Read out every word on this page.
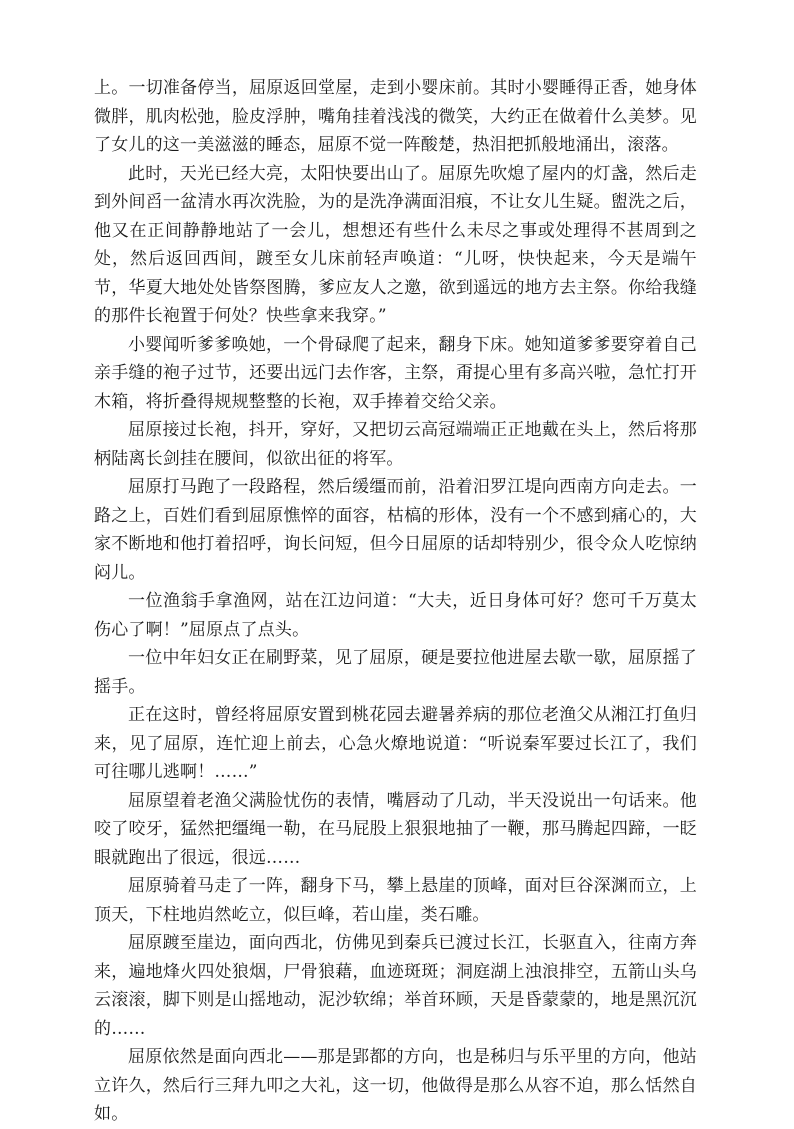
上。一切准备停当，屈原返回堂屋，走到小婴床前。其时小婴睡得正香，她身体微胖，肌肉松弛，脸皮浮肿，嘴角挂着浅浅的微笑，大约正在做着什么美梦。见了女儿的这一美滋滋的睡态，屈原不觉一阵酸楚，热泪把抓般地涌出，滚落。

此时，天光已经大亮，太阳快要出山了。屈原先吹熄了屋内的灯盏，然后走到外间舀一盆清水再次洗脸，为的是洗净满面泪痕，不让女儿生疑。盥洗之后，他又在正间静静地站了一会儿，想想还有些什么未尽之事或处理得不甚周到之处，然后返回西间，踱至女儿床前轻声唤道：“儿呀，快快起来，今天是端午节，华夏大地处处皆祭图腾，爹应友人之邀，欲到遥远的地方去主祭。你给我缝的那件长袍置于何处？快些拿来我穿。”

小婴闻听爹爹唤她，一个骨碌爬了起来，翻身下床。她知道爹爹要穿着自己亲手缝的袍子过节，还要出远门去作客，主祭，甭提心里有多高兴啦，急忙打开木箱，将折叠得规规整整的长袍，双手捧着交给父亲。

屈原接过长袍，抖开，穿好，又把切云高冠端端正正地戴在头上，然后将那柄陆离长剑挂在腰间，似欲出征的将军。

屈原打马跑了一段路程，然后缓缰而前，沿着汨罗江堤向西南方向走去。一路之上，百姓们看到屈原憔悴的面容，枯槁的形体，没有一个不感到痛心的，大家不断地和他打着招呼，询长问短，但今日屈原的话却特别少，很令众人吃惊纳闷儿。

一位渔翁手拿渔网，站在江边问道：“大夫，近日身体可好？您可千万莫太伤心了啊！”屈原点了点头。

一位中年妇女正在刷野菜，见了屈原，硬是要拉他进屋去歇一歇，屈原摇了摇手。

正在这时，曾经将屈原安置到桃花园去避暑养病的那位老渔父从湘江打鱼归来，见了屈原，连忙迎上前去，心急火燎地说道：“听说秦军要过长江了，我们可往哪儿逃啊！……”

屈原望着老渔父满脸忧伤的表情，嘴唇动了几动，半天没说出一句话来。他咬了咬牙，猛然把缰绳一勒，在马屁股上狠狠地抽了一鞭，那马腾起四蹄，一眨眼就跑出了很远，很远……

屈原骑着马走了一阵，翻身下马，攀上悬崖的顶峰，面对巨谷深渊而立，上顶天，下柱地岿然屹立，似巨峰，若山崖，类石雕。

屈原踱至崖边，面向西北，仿佛见到秦兵已渡过长江，长驱直入，往南方奔来，遍地烽火四处狼烟，尸骨狼藉，血迹斑斑；洞庭湖上浊浪排空，五箭山头乌云滚滚，脚下则是山摇地动，泥沙软绵；举首环顾，天是昏蒙蒙的，地是黑沉沉的……

屈原依然是面向西北——那是郢都的方向，也是秭归与乐平里的方向，他站立许久，然后行三拜九叩之大礼，这一切，他做得是那么从容不迫，那么恬然自如。
